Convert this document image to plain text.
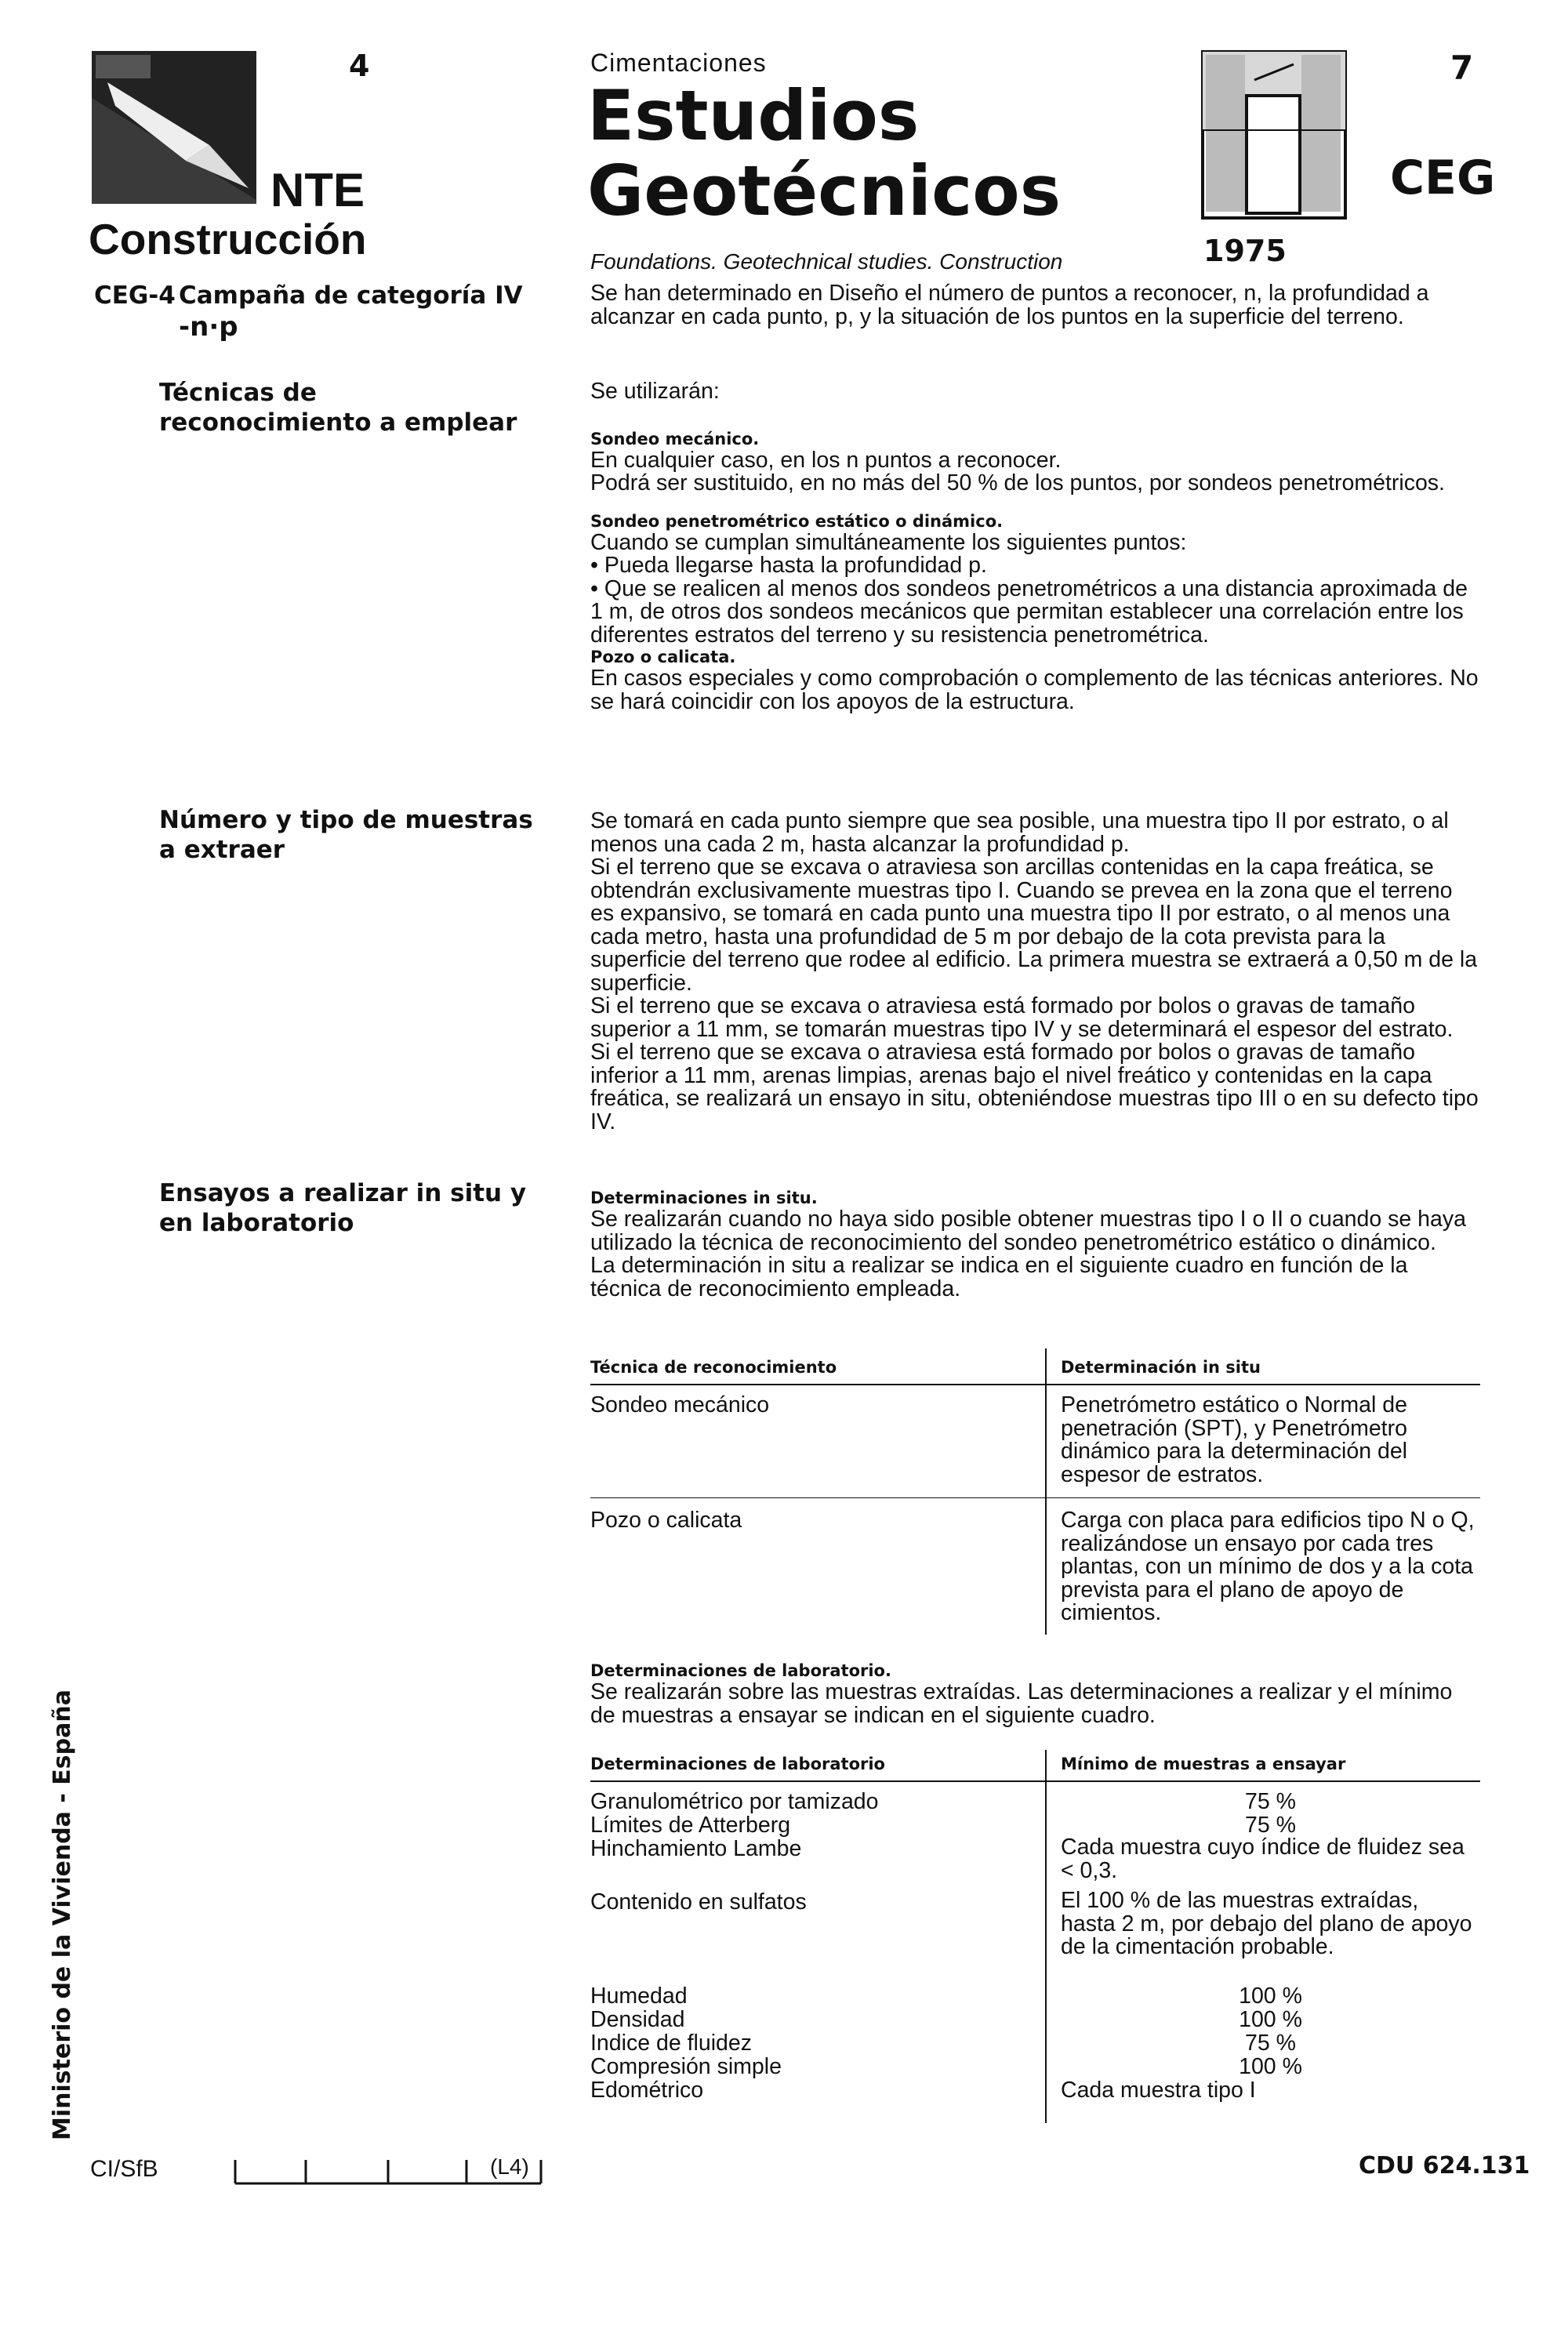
4
NTE
Construcción
Cimentaciones
Estudios
Geotécnicos
7
CEG
Foundations. Geotechnical studies. Construction	1975
CEG-4 Campaña de categoría IV
-n·p
Se han determinado en Diseño el número de puntos a reconocer, n, la profundidad a alcanzar en cada punto, p, y la situación de los puntos en la superficie del terreno.
Técnicas de reconocimiento a emplear

Se utilizarán:

Sondeo mecánico.

En cualquier caso, en los n puntos a reconocer.

Podrá ser sustituido, en no más del 50 % de los puntos, por sondeos penetrométricos.

Sondeo penetrométrico estático o dinámico.

Cuando se cumplan simultáneamente los siguientes puntos:

• Pueda llegarse hasta la profundidad p.

• Que se realicen al menos dos sondeos penetrométricos a una distancia aproximada de 1 m, de otros dos sondeos mecánicos que permitan establecer una correlación entre los diferentes estratos del terreno y su resistencia penetrométrica.

Pozo o calicata.

En casos especiales y como comprobación o complemento de las técnicas anteriores. No se hará coincidir con los apoyos de la estructura.

Número y tipo de muestras a extraer

Se tomará en cada punto siempre que sea posible, una muestra tipo II por estrato, o al menos una cada 2 m, hasta alcanzar la profundidad p.

Si el terreno que se excava o atraviesa son arcillas contenidas en la capa freática, se obtendrán exclusivamente muestras tipo I. Cuando se prevea en la zona que el terreno es expansivo, se tomará en cada punto una muestra tipo II por estrato, o al menos una cada metro, hasta una profundidad de 5 m por debajo de la cota prevista para la superficie del terreno que rodee al edificio. La primera muestra se extraerá a 0,50 m de la superficie.

Si el terreno que se excava o atraviesa está formado por bolos o gravas de tamaño superior a 11 mm, se tomarán muestras tipo IV y se determinará el espesor del estrato.

Si el terreno que se excava o atraviesa está formado por bolos o gravas de tamaño inferior a 11 mm, arenas limpias, arenas bajo el nivel freático y contenidas en la capa freática, se realizará un ensayo in situ, obteniéndose muestras tipo III o en su defecto tipo IV.

Ensayos a realizar in situ y en laboratorio

Determinaciones in situ.

Se realizarán cuando no haya sido posible obtener muestras tipo I o II o cuando se haya utilizado la técnica de reconocimiento del sondeo penetrométrico estático o dinámico.

La determinación in situ a realizar se indica en el siguiente cuadro en función de la técnica de reconocimiento empleada.

Técnica de reconocimiento	Determinación in situ
Sondeo mecánico	Penetrómetro estático o Normal de penetración (SPT), y Penetrómetro dinámico para la determinación del espesor de estratos.
Pozo o calicata	Carga con placa para edificios tipo N o Q, realizándose un ensayo por cada tres plantas, con un mínimo de dos y a la cota prevista para el plano de apoyo de cimientos.

Determinaciones de laboratorio.

Se realizarán sobre las muestras extraídas. Las determinaciones a realizar y el mínimo de muestras a ensayar se indican en el siguiente cuadro.

Determinaciones de laboratorio	Mínimo de muestras a ensayar
Granulométrico por tamizado	75 %
Límites de Atterberg	75 %
Hinchamiento Lambe	Cada muestra cuyo índice de fluidez sea < 0,3.
Contenido en sulfatos	El 100 % de las muestras extraídas, hasta 2 m, por debajo del plano de apoyo de la cimentación probable.
Humedad	100 %
Densidad	100 %
Indice de fluidez	75 %
Compresión simple	100 %
Edométrico	Cada muestra tipo I
Ministerio de la Vivienda - España
CI/SfB	(L4)	CDU 624.131
